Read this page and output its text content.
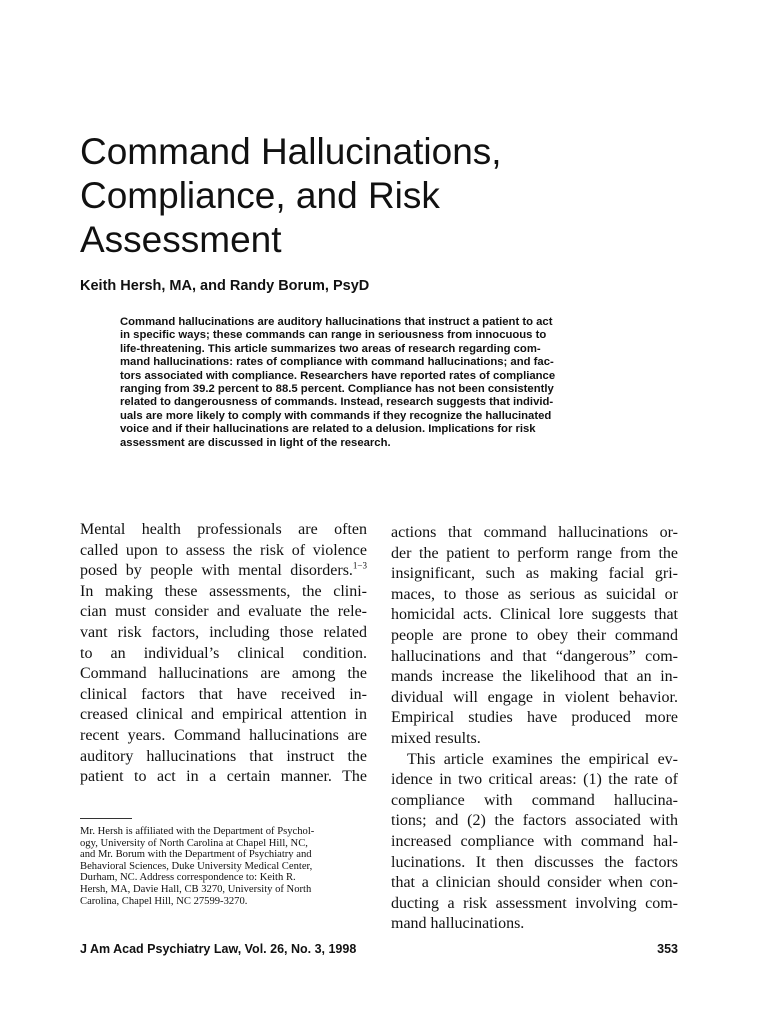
Command Hallucinations,
Compliance, and Risk
Assessment

Keith Hersh, MA, and Randy Borum, PsyD

Command hallucinations are auditory hallucinations that instruct a patient to act
in specific ways; these commands can range in seriousness from innocuous to
life-threatening. This article summarizes two areas of research regarding com-
mand hallucinations: rates of compliance with command hallucinations; and fac-
tors associated with compliance. Researchers have reported rates of compliance
ranging from 39.2 percent to 88.5 percent. Compliance has not been consistently
related to dangerousness of commands. Instead, research suggests that individ-
uals are more likely to comply with commands if they recognize the hallucinated
voice and if their hallucinations are related to a delusion. Implications for risk
assessment are discussed in light of the research.
Mental health professionals are often
called upon to assess the risk of violence
posed by people with mental disorders.$^{1-3}$
In making these assessments, the clini-
cian must consider and evaluate the rele-
vant risk factors, including those related
to an individual’s clinical condition.
Command hallucinations are among the
clinical factors that have received in-
creased clinical and empirical attention in
recent years. Command hallucinations are
auditory hallucinations that instruct the
patient to act in a certain manner. The
Mr. Hersh is affiliated with the Department of Psychol-
ogy, University of North Carolina at Chapel Hill, NC,
and Mr. Borum with the Department of Psychiatry and
Behavioral Sciences, Duke University Medical Center,
Durham, NC. Address correspondence to: Keith R.
Hersh, MA, Davie Hall, CB 3270, University of North
Carolina, Chapel Hill, NC 27599-3270.
actions that command hallucinations or-
der the patient to perform range from the
insignificant, such as making facial gri-
maces, to those as serious as suicidal or
homicidal acts. Clinical lore suggests that
people are prone to obey their command
hallucinations and that “dangerous” com-
mands increase the likelihood that an in-
dividual will engage in violent behavior.
Empirical studies have produced more
mixed results.
This article examines the empirical ev-
idence in two critical areas: (1) the rate of
compliance with command hallucina-
tions; and (2) the factors associated with
increased compliance with command hal-
lucinations. It then discusses the factors
that a clinician should consider when con-
ducting a risk assessment involving com-
mand hallucinations.

J Am Acad Psychiatry Law, Vol. 26, No. 3, 1998	353
